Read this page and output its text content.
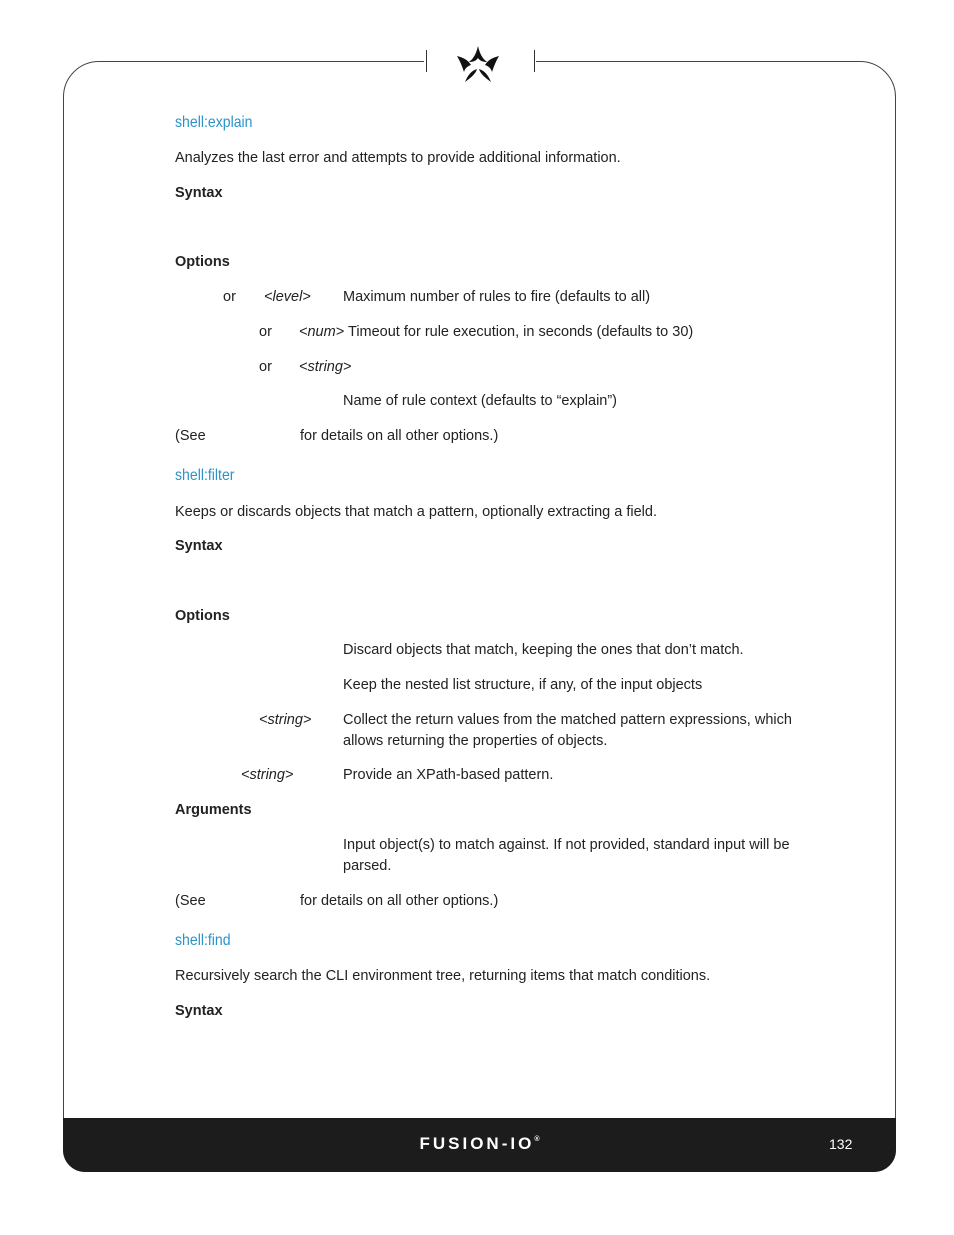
shell:explain
Analyzes the last error and attempts to provide additional information.
Syntax
Options
or <level> Maximum number of rules to fire (defaults to all)
or <num> Timeout for rule execution, in seconds (defaults to 30)
or <string>
Name of rule context (defaults to “explain”)
(See	for details on all other options.)
shell:filter
Keeps or discards objects that match a pattern, optionally extracting a field.
Syntax
Options
Discard objects that match, keeping the ones that don’t match.
Keep the nested list structure, if any, of the input objects
<string> Collect the return values from the matched pattern expressions, which
allows returning the properties of objects.
<string>	Provide an XPath-based pattern.
Arguments
Input object(s) to match against. If not provided, standard input will be
parsed.
(See	for details on all other options.)
shell:find
Recursively search the CLI environment tree, returning items that match conditions.
Syntax
FUSION-IO®	132
